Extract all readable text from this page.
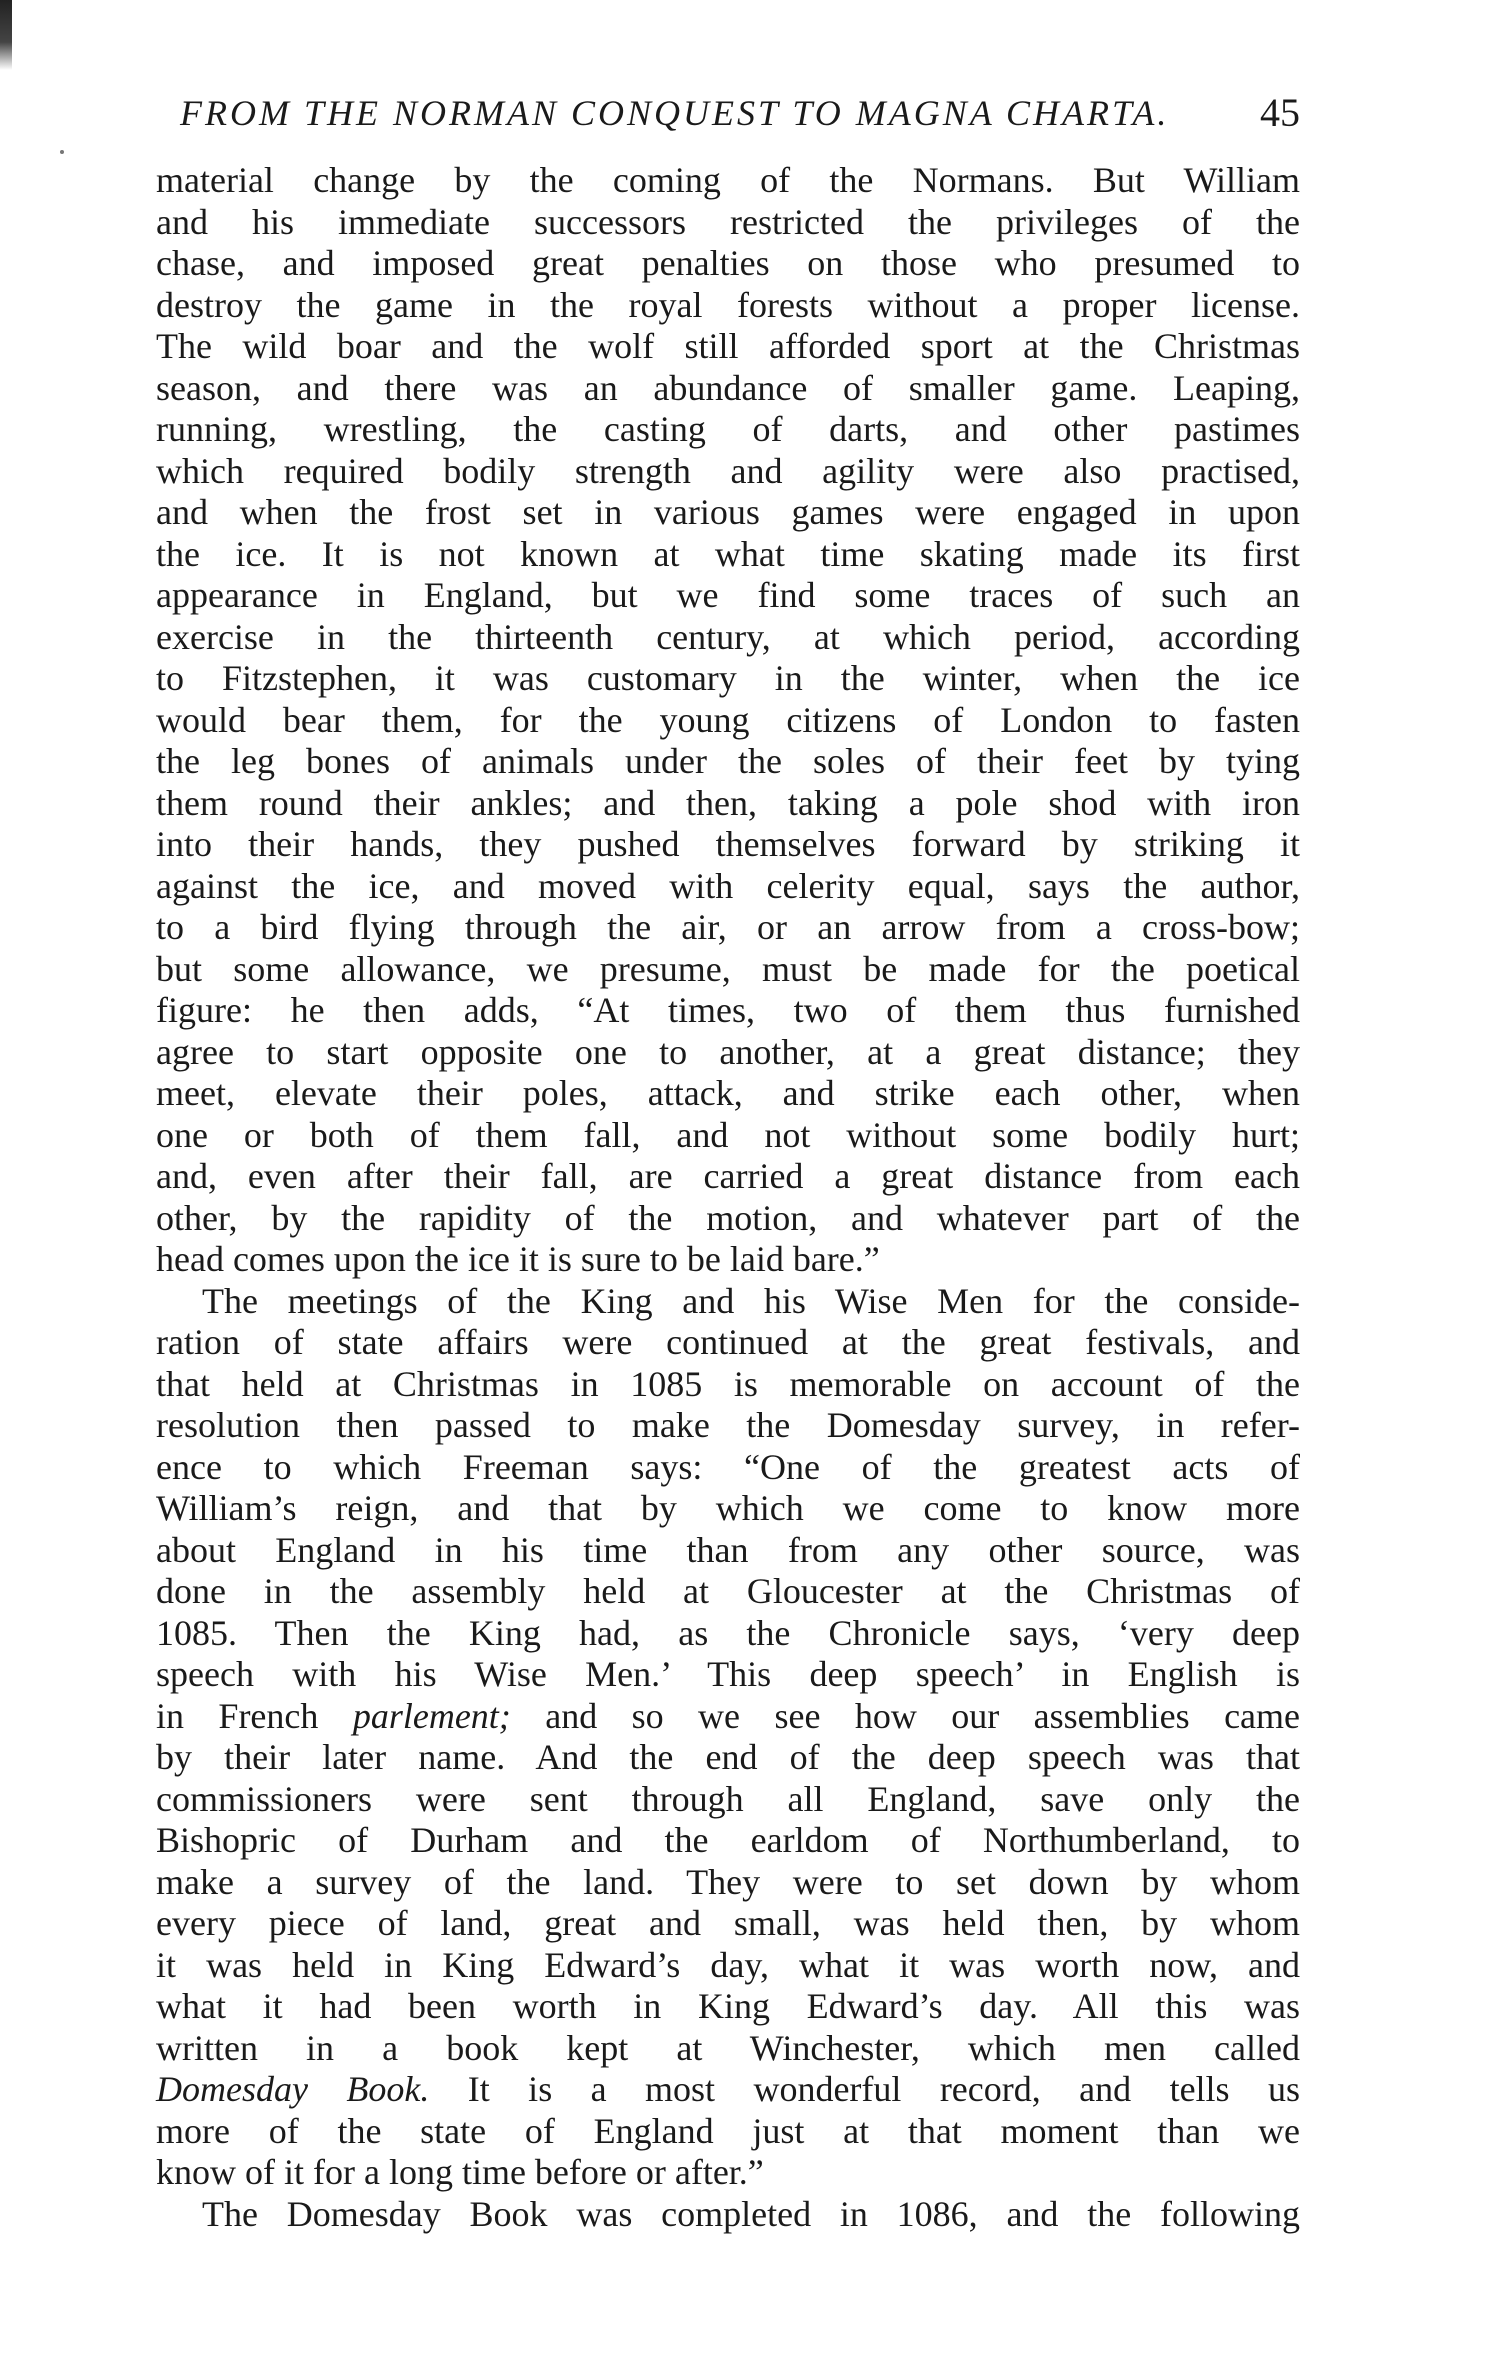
FROM THE NORMAN CONQUEST TO MAGNA CHARTA. 45
material change by the coming of the Normans. But William
and his immediate successors restricted the privileges of the
chase, and imposed great penalties on those who presumed to
destroy the game in the royal forests without a proper license.
The wild boar and the wolf still afforded sport at the Christmas
season, and there was an abundance of smaller game. Leaping,
running, wrestling, the casting of darts, and other pastimes
which required bodily strength and agility were also practised,
and when the frost set in various games were engaged in upon
the ice. It is not known at what time skating made its first
appearance in England, but we find some traces of such an
exercise in the thirteenth century, at which period, according
to Fitzstephen, it was customary in the winter, when the ice
would bear them, for the young citizens of London to fasten
the leg bones of animals under the soles of their feet by tying
them round their ankles; and then, taking a pole shod with iron
into their hands, they pushed themselves forward by striking it
against the ice, and moved with celerity equal, says the author,
to a bird flying through the air, or an arrow from a cross-bow;
but some allowance, we presume, must be made for the poetical
figure: he then adds, “At times, two of them thus furnished
agree to start opposite one to another, at a great distance; they
meet, elevate their poles, attack, and strike each other, when
one or both of them fall, and not without some bodily hurt;
and, even after their fall, are carried a great distance from each
other, by the rapidity of the motion, and whatever part of the
head comes upon the ice it is sure to be laid bare.”
The meetings of the King and his Wise Men for the conside-
ration of state affairs were continued at the great festivals, and
that held at Christmas in 1085 is memorable on account of the
resolution then passed to make the Domesday survey, in refer-
ence to which Freeman says: “One of the greatest acts of
William’s reign, and that by which we come to know more
about England in his time than from any other source, was
done in the assembly held at Gloucester at the Christmas of
1085. Then the King had, as the Chronicle says, ‘very deep
speech with his Wise Men.’ This deep speech’ in English is
in French parlement; and so we see how our assemblies came
by their later name. And the end of the deep speech was that
commissioners were sent through all England, save only the
Bishopric of Durham and the earldom of Northumberland, to
make a survey of the land. They were to set down by whom
every piece of land, great and small, was held then, by whom
it was held in King Edward’s day, what it was worth now, and
what it had been worth in King Edward’s day. All this was
written in a book kept at Winchester, which men called
Domesday Book. It is a most wonderful record, and tells us
more of the state of England just at that moment than we
know of it for a long time before or after.”
The Domesday Book was completed in 1086, and the following
